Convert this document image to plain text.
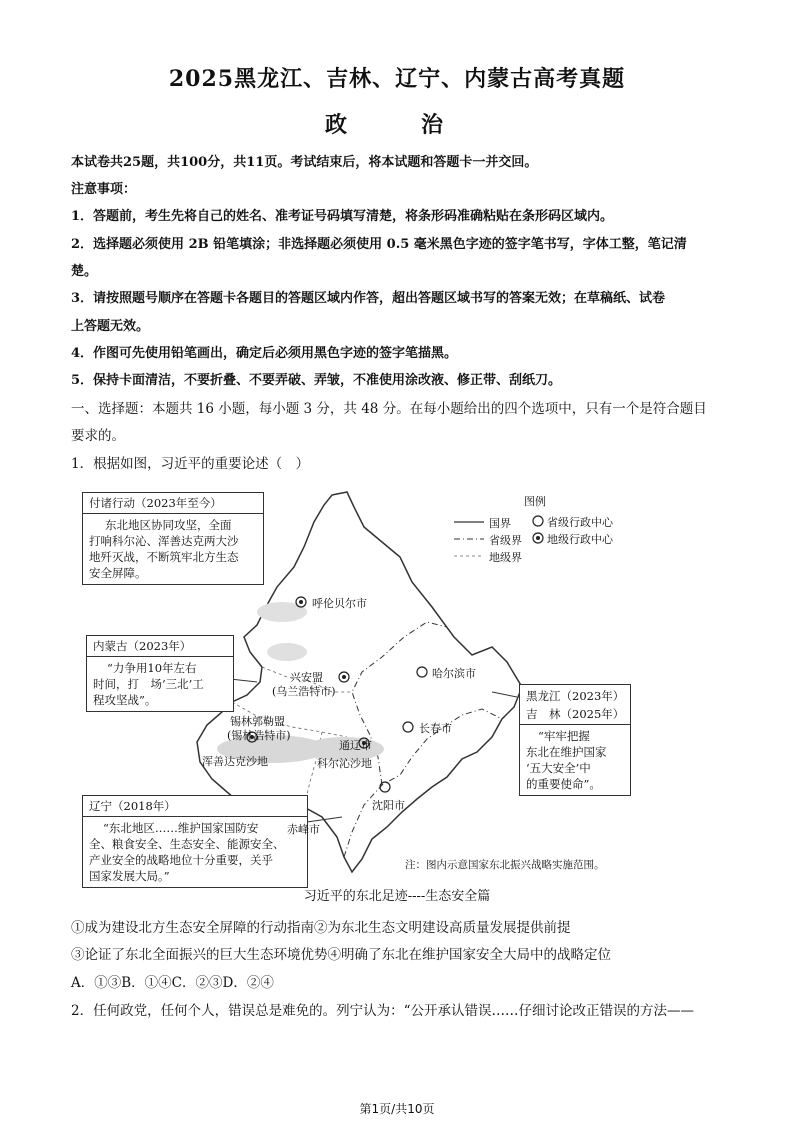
2025黑龙江、吉林、辽宁、内蒙古高考真题
政　治
本试卷共25题，共100分，共11页。考试结束后，将本试题和答题卡一并交回。
注意事项：
1．答题前，考生先将自己的姓名、准考证号码填写清楚，将条形码准确粘贴在条形码区域内。
2．选择题必须使用 2B 铅笔填涂；非选择题必须使用 0.5 毫米黑色字迹的签字笔书写，字体工整，笔记清
楚。
3．请按照题号顺序在答题卡各题目的答题区域内作答，超出答题区域书写的答案无效；在草稿纸、试卷
上答题无效。
4．作图可先使用铅笔画出，确定后必须用黑色字迹的签字笔描黑。
5．保持卡面清洁，不要折叠、不要弄破、弄皱，不准使用涂改液、修正带、刮纸刀。
一、选择题：本题共 16 小题，每小题 3 分，共 48 分。在每小题给出的四个选项中，只有一个是符合题目
要求的。
1．根据如图，习近平的重要论述（　）
图例
国界
省级界
地级界
省级行政中心
地级行政中心
付诸行动（2023年至今）
东北地区协同攻坚，全面
打响科尔沁、浑善达克两大沙
地歼灭战，不断筑牢北方生态
安全屏障。
内蒙古（2023年）
“力争用10年左右
时间，打　场‘三北’工
程攻坚战”。
辽宁（2018年）
“东北地区……维护国家国防安
全、粮食安全、生态安全、能源安全、
产业安全的战略地位十分重要，关乎
国家发展大局。”
黑龙江（2023年）
吉　林（2025年）
“牢牢把握
东北在维护国家
‘五大安全’中
的重要使命”。
呼伦贝尔市
兴安盟
(乌兰浩特市)
哈尔滨市
长春市
锡林郭勒盟
(锡林浩特市)
通辽市
浑善达克沙地	科尔沁沙地
赤峰市
沈阳市
注：图内示意国家东北振兴战略实施范围。
习近平的东北足迹----生态安全篇
①成为建设北方生态安全屏障的行动指南②为东北生态文明建设高质量发展提供前提
③论证了东北全面振兴的巨大生态环境优势④明确了东北在维护国家安全大局中的战略定位
A．①③B．①④C．②③D．②④
2．任何政党，任何个人，错误总是难免的。列宁认为：“公开承认错误……仔细讨论改正错误的方法——
第1页/共10页
